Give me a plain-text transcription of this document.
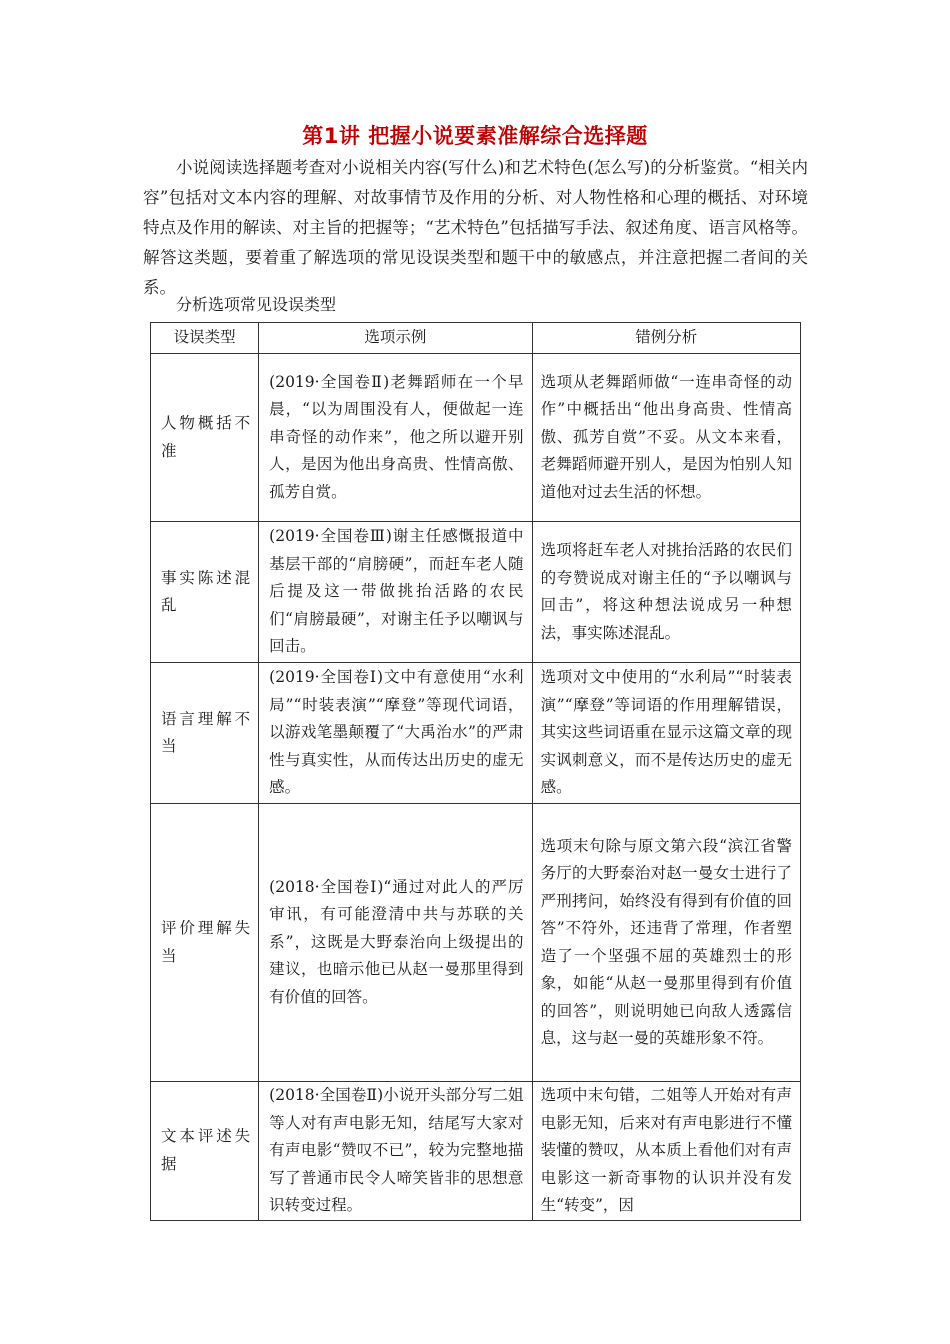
第1讲 把握小说要素准解综合选择题

小说阅读选择题考查对小说相关内容(写什么)和艺术特色(怎么写)的分析鉴赏。“相关内容”包括对文本内容的理解、对故事情节及作用的分析、对人物性格和心理的概括、对环境特点及作用的解读、对主旨的把握等；“艺术特色”包括描写手法、叙述角度、语言风格等。解答这类题，要着重了解选项的常见设误类型和题干中的敏感点，并注意把握二者间的关系。

分析选项常见设误类型

设误类型	选项示例	错例分析
人物概括不准	(2019·全国卷Ⅱ)老舞蹈师在一个早晨，“以为周围没有人，便做起一连串奇怪的动作来”，他之所以避开别人，是因为他出身高贵、性情高傲、孤芳自赏。	选项从老舞蹈师做“一连串奇怪的动作”中概括出“他出身高贵、性情高傲、孤芳自赏”不妥。从文本来看，老舞蹈师避开别人，是因为怕别人知道他对过去生活的怀想。
事实陈述混乱	(2019·全国卷Ⅲ)谢主任感慨报道中基层干部的“肩膀硬”，而赶车老人随后提及这一带做挑抬活路的农民们“肩膀最硬”，对谢主任予以嘲讽与回击。	选项将赶车老人对挑抬活路的农民们的夸赞说成对谢主任的“予以嘲讽与回击”，将这种想法说成另一种想法，事实陈述混乱。
语言理解不当	(2019·全国卷Ⅰ)文中有意使用“水利局”“时装表演”“摩登”等现代词语，以游戏笔墨颠覆了“大禹治水”的严肃性与真实性，从而传达出历史的虚无感。	选项对文中使用的“水利局”“时装表演”“摩登”等词语的作用理解错误，其实这些词语重在显示这篇文章的现实讽刺意义，而不是传达历史的虚无感。
评价理解失当	(2018·全国卷Ⅰ)“通过对此人的严厉审讯，有可能澄清中共与苏联的关系”，这既是大野泰治向上级提出的建议，也暗示他已从赵一曼那里得到有价值的回答。	选项末句除与原文第六段“滨江省警务厅的大野泰治对赵一曼女士进行了严刑拷问，始终没有得到有价值的回答”不符外，还违背了常理，作者塑造了一个坚强不屈的英雄烈士的形象，如能“从赵一曼那里得到有价值的回答”，则说明她已向敌人透露信息，这与赵一曼的英雄形象不符。
文本评述失据	(2018·全国卷Ⅱ)小说开头部分写二姐等人对有声电影无知，结尾写大家对有声电影“赞叹不已”，较为完整地描写了普通市民令人啼笑皆非的思想意识转变过程。	选项中末句错，二姐等人开始对有声电影无知，后来对有声电影进行不懂装懂的赞叹，从本质上看他们对有声电影这一新奇事物的认识并没有发生“转变”，因
